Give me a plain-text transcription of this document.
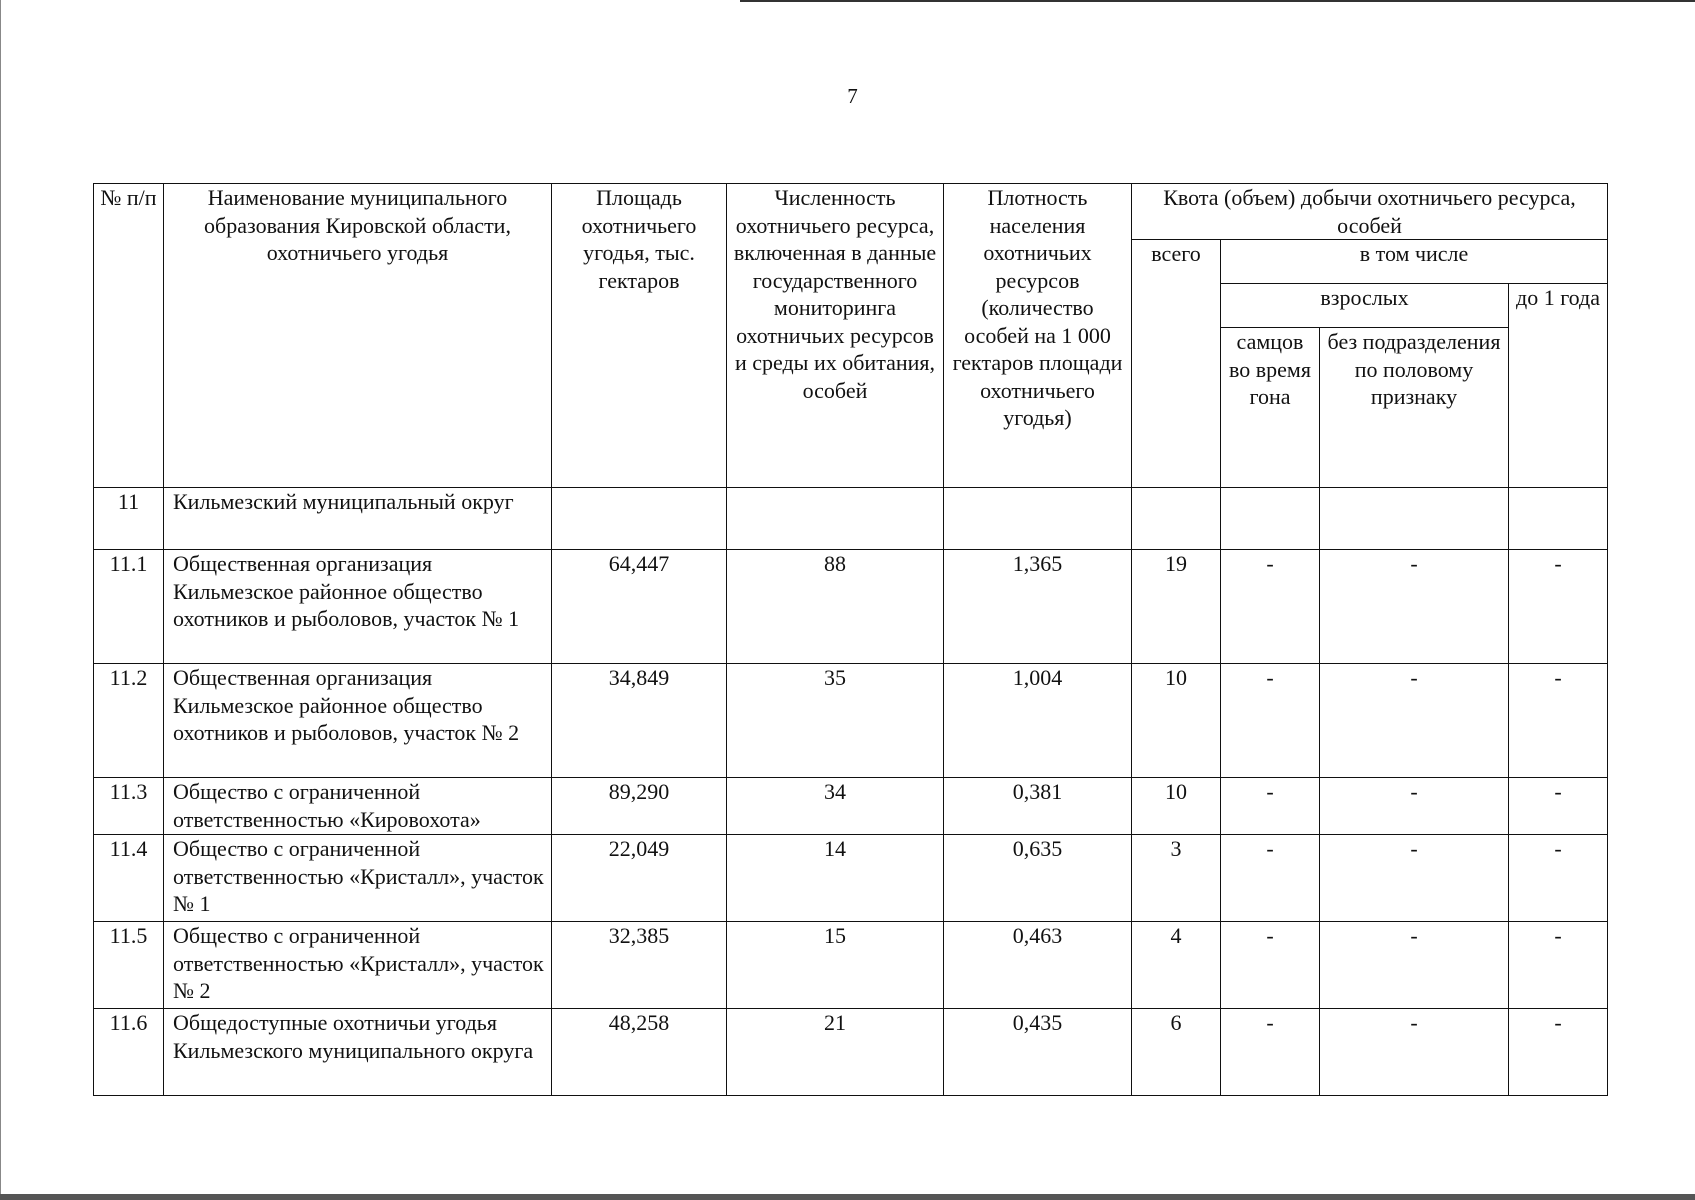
7
№ п/п	Наименование муниципального образования Кировской области, охотничьего угодья	Площадь охотничьего угодья, тыс. гектаров	Численность охотничьего ресурса, включенная в данные государственного мониторинга охотничьих ресурсов и среды их обитания, особей	Плотность населения охотничьих ресурсов (количество особей на 1 000 гектаров площади охотничьего угодья)	Квота (объем) добычи охотничьего ресурса, особей			
					всего	в том числе		
						взрослых		до 1 года
						самцов во время гона	без подразделения по половому признаку	
11	Кильмезский муниципальный округ							
11.1	Общественная организация Кильмезское районное общество охотников и рыболовов, участок № 1	64,447	88	1,365	19	-	-	-
11.2	Общественная организация Кильмезское районное общество охотников и рыболовов, участок № 2	34,849	35	1,004	10	-	-	-
11.3	Общество с ограниченной ответственностью «Кировохота»	89,290	34	0,381	10	-	-	-
11.4	Общество с ограниченной ответственностью «Кристалл», участок № 1	22,049	14	0,635	3	-	-	-
11.5	Общество с ограниченной ответственностью «Кристалл», участок № 2	32,385	15	0,463	4	-	-	-
11.6	Общедоступные охотничьи угодья Кильмезского муниципального округа	48,258	21	0,435	6	-	-	-
